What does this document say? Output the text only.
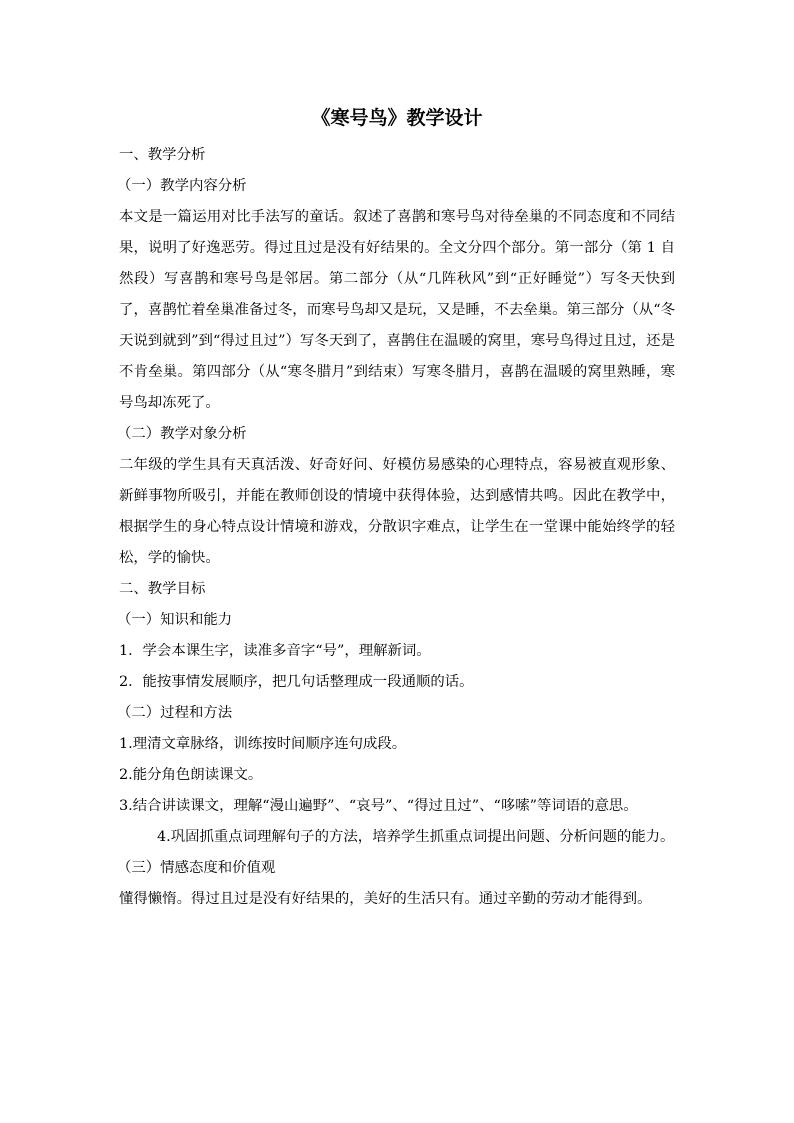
《寒号鸟》教学设计

一、教学分析

（一）教学内容分析

本文是一篇运用对比手法写的童话。叙述了喜鹊和寒号鸟对待垒巢的不同态度和不同结果，说明了好逸恶劳。得过且过是没有好结果的。全文分四个部分。第一部分（第 1 自然段）写喜鹊和寒号鸟是邻居。第二部分（从“几阵秋风”到“正好睡觉”）写冬天快到了，喜鹊忙着垒巢准备过冬，而寒号鸟却又是玩，又是睡，不去垒巢。第三部分（从“冬天说到就到”到“得过且过”）写冬天到了，喜鹊住在温暖的窝里，寒号鸟得过且过，还是不肯垒巢。第四部分（从“寒冬腊月”到结束）写寒冬腊月，喜鹊在温暖的窝里熟睡，寒号鸟却冻死了。

（二）教学对象分析

二年级的学生具有天真活泼、好奇好问、好模仿易感染的心理特点，容易被直观形象、新鲜事物所吸引，并能在教师创设的情境中获得体验，达到感情共鸣。因此在教学中，根据学生的身心特点设计情境和游戏，分散识字难点，让学生在一堂课中能始终学的轻松，学的愉快。

二、教学目标

（一）知识和能力

1．学会本课生字，读准多音字“号”，理解新词。

2．能按事情发展顺序，把几句话整理成一段通顺的话。

（二）过程和方法

1.理清文章脉络，训练按时间顺序连句成段。

2.能分角色朗读课文。

3.结合讲读课文，理解“漫山遍野”、“哀号”、“得过且过”、“哆嗦”等词语的意思。

4.巩固抓重点词理解句子的方法，培养学生抓重点词提出问题、分析问题的能力。

（三）情感态度和价值观

懂得懒惰。得过且过是没有好结果的，美好的生活只有。通过辛勤的劳动才能得到。
